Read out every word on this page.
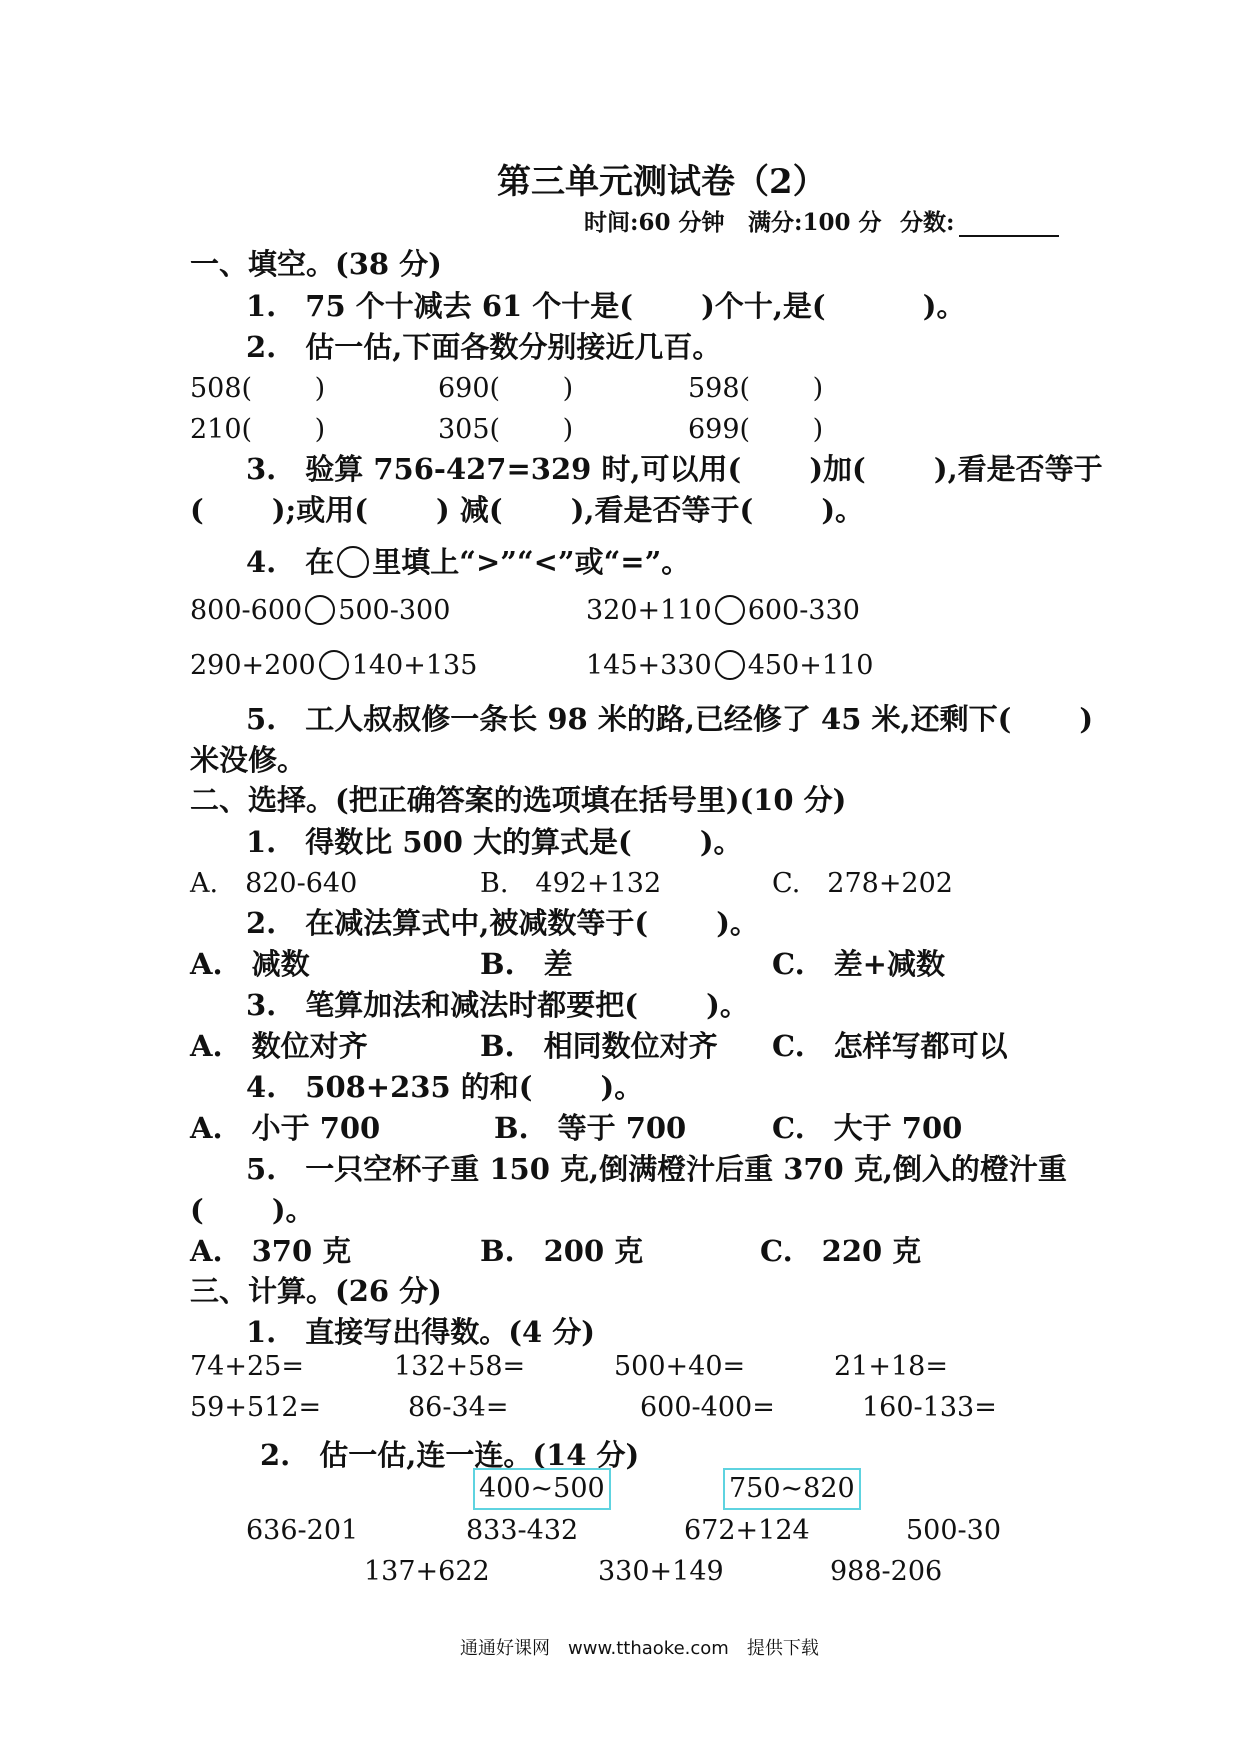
第三单元测试卷（2）
时间:60 分钟 满分:100 分 分数:
一、填空。(38 分)
1.　75 个十减去 61 个十是(　　 )个十,是(　　　 )。
2.　估一估,下面各数分别接近几百。
508(　　 )	690(　　 )	598(　　 )
210(　　 )	305(　　 )	699(　　 )
3.　验算 756-427=329 时,可以用(　　 )加(　　 ),看是否等于
(　　 );或用(　　 ) 减(　　 ),看是否等于(　　 )。
4.　在 里填上“>”“<”或“=”。
800-600 500-300	320+110 600-330
290+200 140+135	145+330 450+110
5.　工人叔叔修一条长 98 米的路,已经修了 45 米,还剩下(　　 )
米没修。
二、选择。(把正确答案的选项填在括号里)(10 分)
1.　得数比 500 大的算式是(　　 )。
A.　820-640	B.　492+132	C.　278+202
2.　在减法算式中,被减数等于(　　 )。
A.　减数	B.　差	C.　差+减数
3.　笔算加法和减法时都要把(　　 )。
A.　数位对齐	B.　相同数位对齐 C.　怎样写都可以
4.　508+235 的和(　　 )。
A.　小于 700	B.　等于 700	C.　大于 700
5.　一只空杯子重 150 克,倒满橙汁后重 370 克,倒入的橙汁重
(　　 )。
A.　370 克	B.　200 克	C.　220 克
三、计算。(26 分)
1.　直接写出得数。(4 分)
74+25=	132+58=	500+40=	21+18=
59+512=	86-34=	600-400=	160-133=
2.　估一估,连一连。(14 分)
400~500	750~820
636-201	833-432	672+124	500-30
137+622	330+149	988-206
通通好课网　www.tthaoke.com　提供下载
